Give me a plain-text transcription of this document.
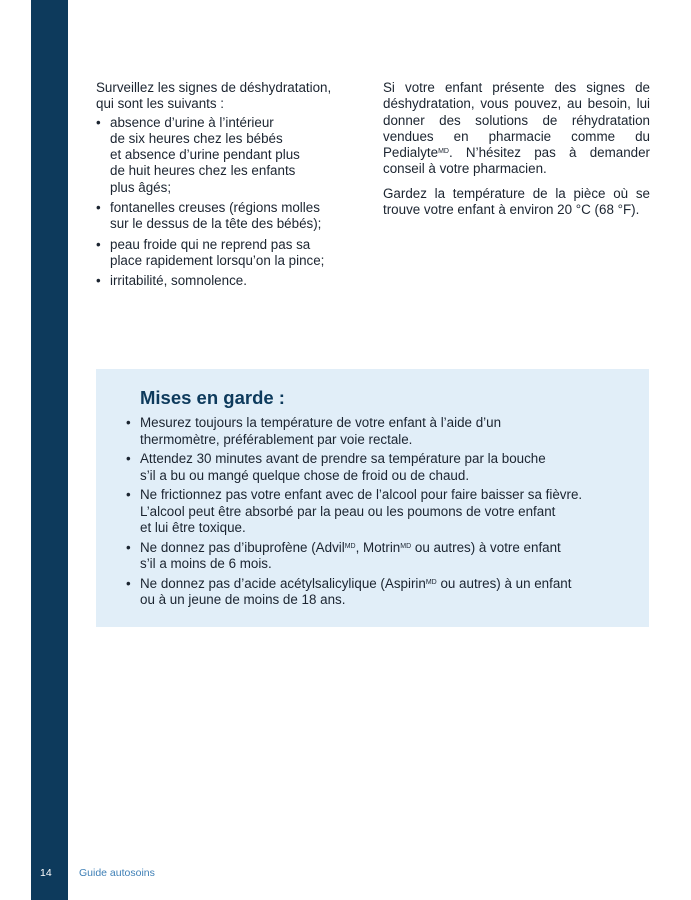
Surveillez les signes de déshydratation,
qui sont les suivants :

• absence d’urine à l’intérieur
de six heures chez les bébés
et absence d’urine pendant plus
de huit heures chez les enfants
plus âgés;
• fontanelles creuses (régions molles
sur le dessus de la tête des bébés);
• peau froide qui ne reprend pas sa
place rapidement lorsqu’on la pince;
• irritabilité, somnolence.

Si votre enfant présente des signes de déshydratation, vous pouvez, au besoin, lui donner des solutions de réhydratation vendues en pharmacie comme du Pedialyte$^{MD}$. N’hésitez pas à demander conseil à votre pharmacien.

Gardez la température de la pièce où se trouve votre enfant à environ 20 °C (68 °F).

Mises en garde :
• Mesurez toujours la température de votre enfant à l’aide d’un
thermomètre, préférablement par voie rectale.
• Attendez 30 minutes avant de prendre sa température par la bouche
s’il a bu ou mangé quelque chose de froid ou de chaud.
• Ne frictionnez pas votre enfant avec de l’alcool pour faire baisser sa fièvre.
L’alcool peut être absorbé par la peau ou les poumons de votre enfant
et lui être toxique.
• Ne donnez pas d’ibuprofène (Advil$^{MD}$, Motrin$^{MD}$ ou autres) à votre enfant
s’il a moins de 6 mois.
• Ne donnez pas d’acide acétylsalicylique (Aspirin$^{MD}$ ou autres) à un enfant
ou à un jeune de moins de 18 ans.
14	Guide autosoins
